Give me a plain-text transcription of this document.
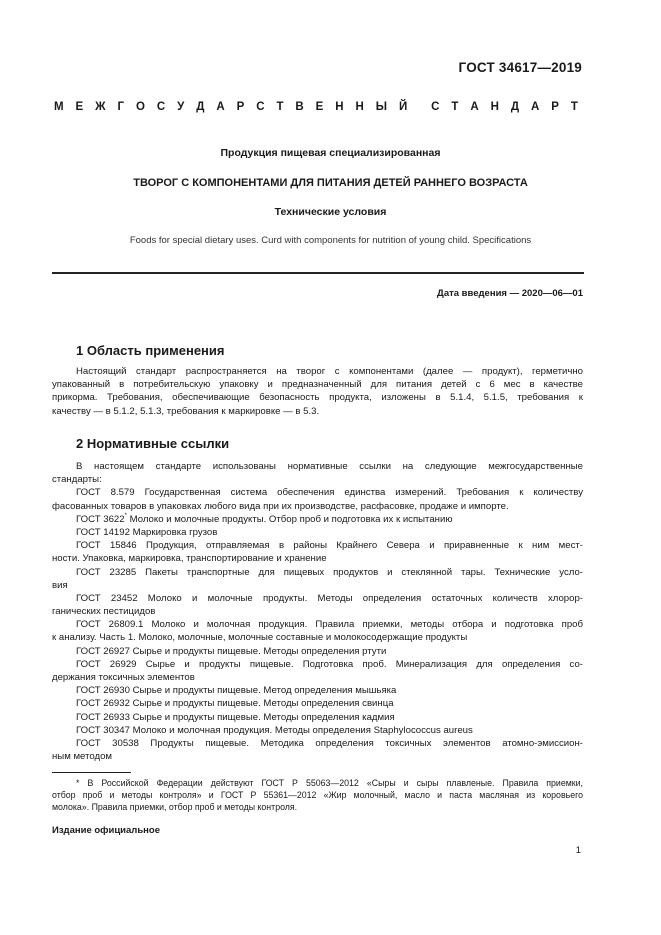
ГОСТ 34617—2019
М Е Ж Г О С У Д А Р С Т В Е Н Н Ы Й С Т А Н Д А Р Т
Продукция пищевая специализированная
ТВОРОГ С КОМПОНЕНТАМИ ДЛЯ ПИТАНИЯ ДЕТЕЙ РАННЕГО ВОЗРАСТА
Технические условия
Foods for special dietary uses. Curd with components for nutrition of young child. Specifications
Дата введения — 2020—06—01
1 Область применения
Настоящий стандарт распространяется на творог с компонентами (далее — продукт), герметично
упакованный в потребительскую упаковку и предназначенный для питания детей с 6 мес в качестве
прикорма. Требования, обеспечивающие безопасность продукта, изложены в 5.1.4, 5.1.5, требования к
качеству — в 5.1.2, 5.1.3, требования к маркировке — в 5.3.
2 Нормативные ссылки
В настоящем стандарте использованы нормативные ссылки на следующие межгосударственные
стандарты:
ГОСТ 8.579 Государственная система обеспечения единства измерений. Требования к количеству
фасованных товаров в упаковках любого вида при их производстве, расфасовке, продаже и импорте.
ГОСТ 3622* Молоко и молочные продукты. Отбор проб и подготовка их к испытанию
ГОСТ 14192 Маркировка грузов
ГОСТ 15846 Продукция, отправляемая в районы Крайнего Севера и приравненные к ним мест-
ности. Упаковка, маркировка, транспортирование и хранение
ГОСТ 23285 Пакеты транспортные для пищевых продуктов и стеклянной тары. Технические усло-
вия
ГОСТ 23452 Молоко и молочные продукты. Методы определения остаточных количеств хлорор-
ганических пестицидов
ГОСТ 26809.1 Молоко и молочная продукция. Правила приемки, методы отбора и подготовка проб
к анализу. Часть 1. Молоко, молочные, молочные составные и молокосодержащие продукты
ГОСТ 26927 Сырье и продукты пищевые. Методы определения ртути
ГОСТ 26929 Сырье и продукты пищевые. Подготовка проб. Минерализация для определения со-
держания токсичных элементов
ГОСТ 26930 Сырье и продукты пищевые. Метод определения мышьяка
ГОСТ 26932 Сырье и продукты пищевые. Методы определения свинца
ГОСТ 26933 Сырье и продукты пищевые. Методы определения кадмия
ГОСТ 30347 Молоко и молочная продукция. Методы определения Staphylococcus aureus
ГОСТ 30538 Продукты пищевые. Методика определения токсичных элементов атомно-эмиссион-
ным методом
* В Российской Федерации действуют ГОСТ Р 55063—2012 «Сыры и сыры плавленые. Правила приемки,
отбор проб и методы контроля» и ГОСТ Р 55361—2012 «Жир молочный, масло и паста масляная из коровьего
молока». Правила приемки, отбор проб и методы контроля.
Издание официальное
1
